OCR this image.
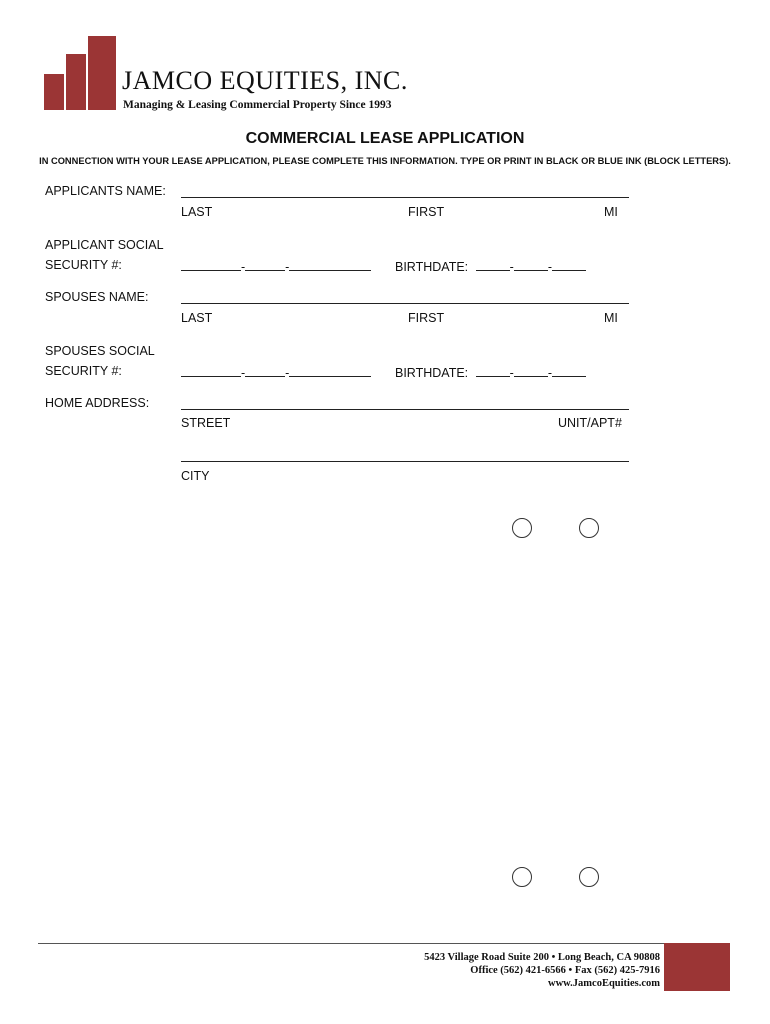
JAMCO EQUITIES, INC.
Managing & Leasing Commercial Property Since 1993
COMMERCIAL LEASE APPLICATION
IN CONNECTION WITH YOUR LEASE APPLICATION, PLEASE COMPLETE THIS INFORMATION. TYPE OR PRINT IN BLACK OR BLUE INK (BLOCK LETTERS).
APPLICANTS NAME:
LAST	FIRST	MI
APPLICANT SOCIAL
SECURITY #:	-	-	BIRTHDATE:	-	-
SPOUSES NAME:
LAST	FIRST	MI
SPOUSES SOCIAL
SECURITY #:	-	-	BIRTHDATE:	-	-
HOME ADDRESS:
STREET	UNIT/APT#
CITY
5423 Village Road Suite 200 • Long Beach, CA 90808
Office (562) 421-6566 • Fax (562) 425-7916
www.JamcoEquities.com
